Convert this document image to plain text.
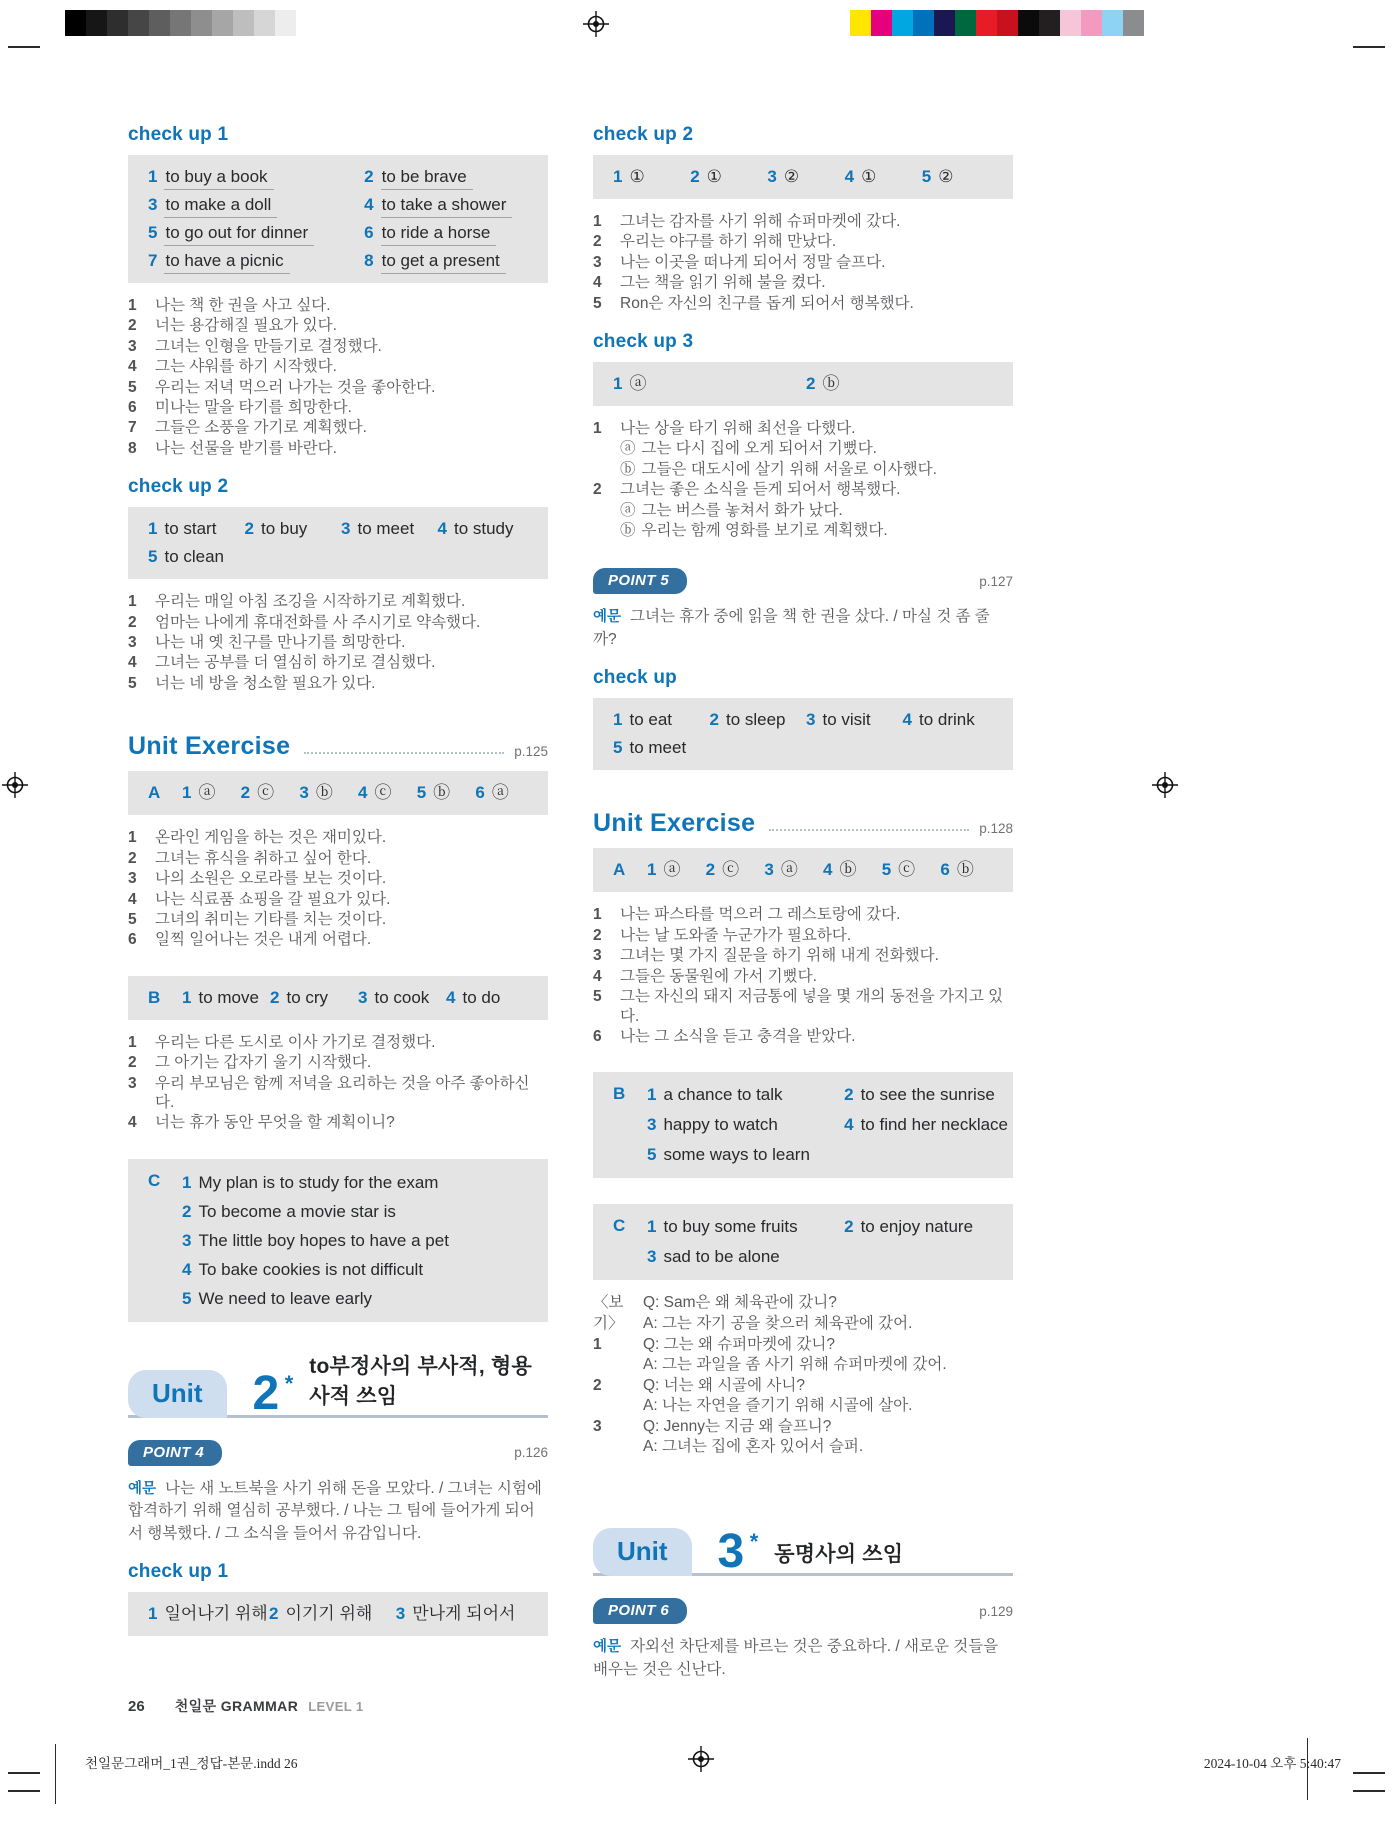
check up 1
1 to buy a book	2 to be brave
3 to make a doll	4 to take a shower
5 to go out for dinner	6 to ride a horse
7 to have a picnic	8 to get a present
1	나는 책 한 권을 사고 싶다.
2	너는 용감해질 필요가 있다.
3	그녀는 인형을 만들기로 결정했다.
4	그는 샤워를 하기 시작했다.
5	우리는 저녁 먹으러 나가는 것을 좋아한다.
6	미나는 말을 타기를 희망한다.
7	그들은 소풍을 가기로 계획했다.
8	나는 선물을 받기를 바란다.
check up 2
1 to start	2 to buy	3 to meet	4 to study
5 to clean
1	우리는 매일 아침 조깅을 시작하기로 계획했다.
2	엄마는 나에게 휴대전화를 사 주시기로 약속했다.
3	나는 내 옛 친구를 만나기를 희망한다.
4	그녀는 공부를 더 열심히 하기로 결심했다.
5	너는 네 방을 청소할 필요가 있다.
Unit Exercise	p.125
A	1 ⓐ	2 ⓒ	3 ⓑ	4 ⓒ	5 ⓑ	6 ⓐ
1	온라인 게임을 하는 것은 재미있다.
2	그녀는 휴식을 취하고 싶어 한다.
3	나의 소원은 오로라를 보는 것이다.
4	나는 식료품 쇼핑을 갈 필요가 있다.
5	그녀의 취미는 기타를 치는 것이다.
6	일찍 일어나는 것은 내게 어렵다.
B	1 to move 2 to cry	3 to cook 4 to do
1	우리는 다른 도시로 이사 가기로 결정했다.
2	그 아기는 갑자기 울기 시작했다.
3	우리 부모님은 함께 저녁을 요리하는 것을 아주 좋아하신다.
4	너는 휴가 동안 무엇을 할 계획이니?
C	1 My plan is to study for the exam
2 To become a movie star is
3 The little boy hopes to have a pet
4 To bake cookies is not difficult
5 We need to leave early
Unit	2 *
to부정사의 부사적, 형용사적 쓰임
POINT 4	p.126

예문 나는 새 노트북을 사기 위해 돈을 모았다. / 그녀는 시험에 합격하기 위해 열심히 공부했다. / 나는 그 팀에 들어가게 되어서 행복했다. / 그 소식을 들어서 유감입니다.

check up 1
1 일어나기 위해 2 이기기 위해	3 만나게 되어서
check up 2
1 ①	2 ①	3 ②	4 ①	5 ②
1	그녀는 감자를 사기 위해 슈퍼마켓에 갔다.
2	우리는 야구를 하기 위해 만났다.
3	나는 이곳을 떠나게 되어서 정말 슬프다.
4	그는 책을 읽기 위해 불을 켰다.
5	Ron은 자신의 친구를 돕게 되어서 행복했다.
check up 3
1 ⓐ	2 ⓑ
1	나는 상을 타기 위해 최선을 다했다.
ⓐ 그는 다시 집에 오게 되어서 기뻤다.
ⓑ 그들은 대도시에 살기 위해 서울로 이사했다.
2	그녀는 좋은 소식을 듣게 되어서 행복했다.
ⓐ 그는 버스를 놓쳐서 화가 났다.
ⓑ 우리는 함께 영화를 보기로 계획했다.
POINT 5	p.127

예문 그녀는 휴가 중에 읽을 책 한 권을 샀다. / 마실 것 좀 줄까?

check up
1 to eat	2 to sleep	3 to visit	4 to drink
5 to meet
Unit Exercise	p.128
A	1 ⓐ	2 ⓒ	3 ⓐ	4 ⓑ	5 ⓒ	6 ⓑ
1	나는 파스타를 먹으러 그 레스토랑에 갔다.
2	나는 날 도와줄 누군가가 필요하다.
3	그녀는 몇 가지 질문을 하기 위해 내게 전화했다.
4	그들은 동물원에 가서 기뻤다.
5	그는 자신의 돼지 저금통에 넣을 몇 개의 동전을 가지고 있다.
6	나는 그 소식을 듣고 충격을 받았다.
B	1 a chance to talk	2 to see the sunrise
3 happy to watch	4 to find her necklace
5 some ways to learn
C	1 to buy some fruits	2 to enjoy nature
3 sad to be alone
〈보기〉
Q: Sam은 왜 체육관에 갔니?
A: 그는 자기 공을 찾으러 체육관에 갔어.
1	Q: 그는 왜 슈퍼마켓에 갔니?
A: 그는 과일을 좀 사기 위해 슈퍼마켓에 갔어.
2	Q: 너는 왜 시골에 사니?
A: 나는 자연을 즐기기 위해 시골에 살아.
3	Q: Jenny는 지금 왜 슬프니?
A: 그녀는 집에 혼자 있어서 슬퍼.
Unit	3 *
동명사의 쓰임
POINT 6	p.129

예문 자외선 차단제를 바르는 것은 중요하다. / 새로운 것들을 배우는 것은 신난다.

26 천일문 GRAMMAR LEVEL 1
천일문그래머_1권_정답-본문.indd 26	2024-10-04 오후 5:40:47
